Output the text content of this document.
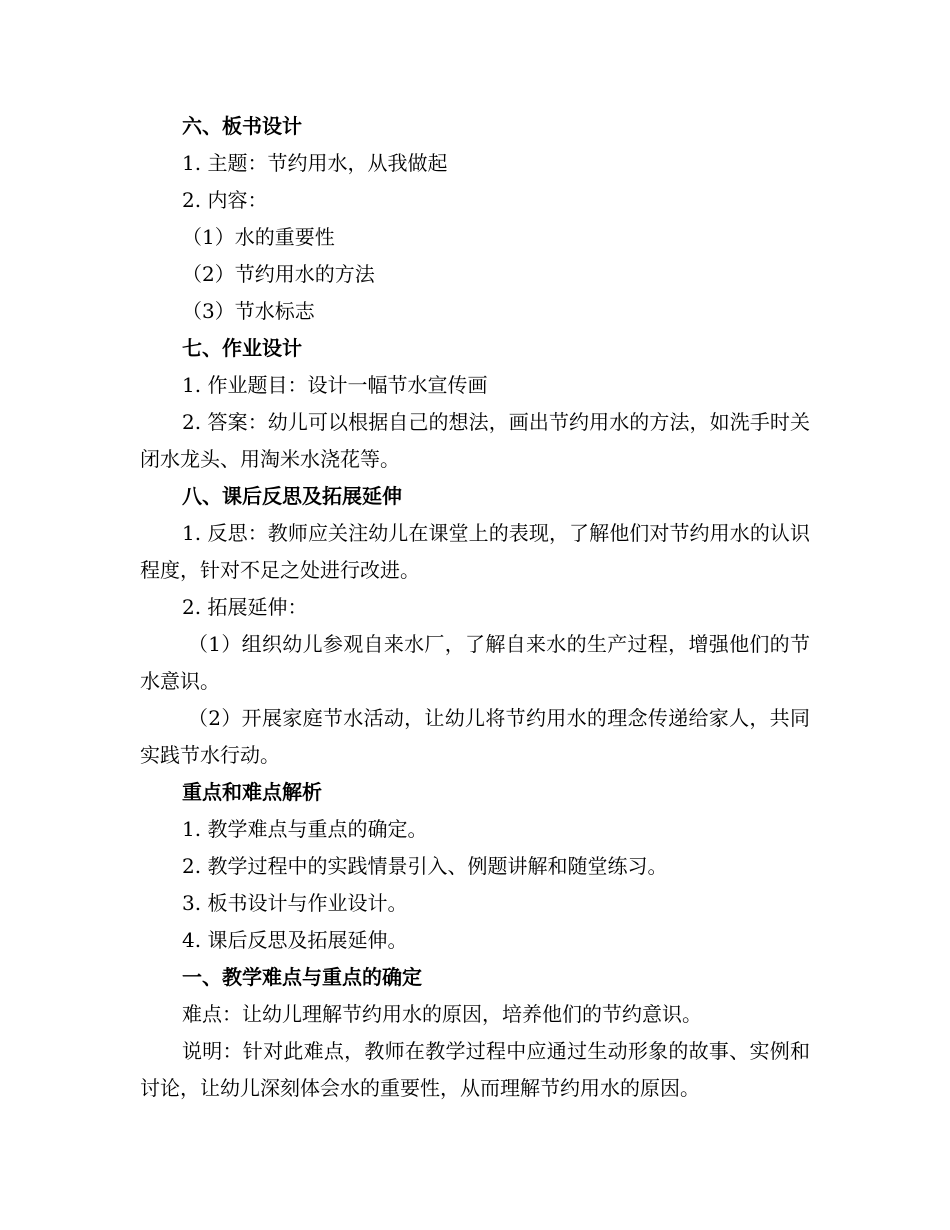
六、板书设计

1. 主题：节约用水，从我做起

2. 内容：

（1）水的重要性

（2）节约用水的方法

（3）节水标志

七、作业设计

1. 作业题目：设计一幅节水宣传画

2. 答案：幼儿可以根据自己的想法，画出节约用水的方法，如洗手时关闭水龙头、用淘米水浇花等。

八、课后反思及拓展延伸

1. 反思：教师应关注幼儿在课堂上的表现，了解他们对节约用水的认识程度，针对不足之处进行改进。

2. 拓展延伸：

（1）组织幼儿参观自来水厂，了解自来水的生产过程，增强他们的节水意识。

（2）开展家庭节水活动，让幼儿将节约用水的理念传递给家人，共同实践节水行动。

重点和难点解析

1. 教学难点与重点的确定。

2. 教学过程中的实践情景引入、例题讲解和随堂练习。

3. 板书设计与作业设计。

4. 课后反思及拓展延伸。

一、教学难点与重点的确定

难点：让幼儿理解节约用水的原因，培养他们的节约意识。

说明：针对此难点，教师在教学过程中应通过生动形象的故事、实例和讨论，让幼儿深刻体会水的重要性，从而理解节约用水的原因。
